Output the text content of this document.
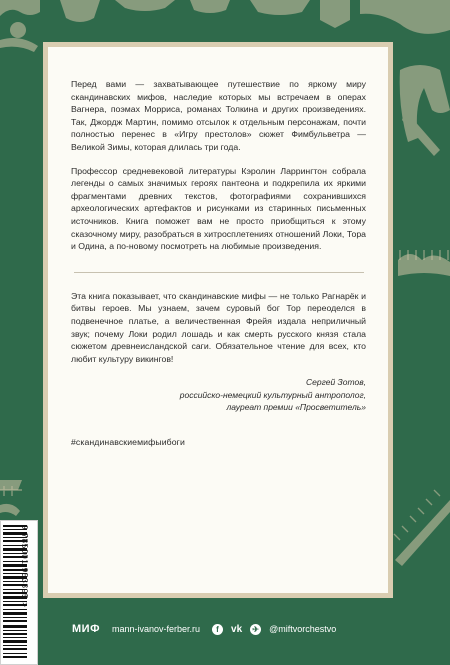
Перед вами — захватывающее путешествие по яркому миру скандинавских мифов, наследие которых мы встречаем в операх Вагнера, поэмах Морриса, романах Толкина и других произведениях. Так, Джордж Мартин, помимо отсылок к отдельным персонажам, почти полностью перенес в «Игру престолов» сюжет Фимбульветра — Великой Зимы, которая длилась три года.

Профессор средневековой литературы Кэролин Ларрингтон собрала легенды о самых значимых героях пантеона и подкрепила их яркими фрагментами древних текстов, фотографиями сохранившихся археологических артефактов и рисунками из старинных письменных источников. Книга поможет вам не просто приобщиться к этому сказочному миру, разобраться в хитросплетениях отношений Локи, Тора и Одина, а по-новому посмотреть на любимые произведения.

Эта книга показывает, что скандинавские мифы — не только Рагнарёк и битвы героев. Мы узнаем, зачем суровый бог Тор переоделся в подвенечное платье, а величественная Фрейя издала неприличный звук; почему Локи родил лошадь и как смерть русского князя стала сюжетом древнеисландской саги. Обязательное чтение для всех, кто любит культуру викингов!

Сергей Зотов,
российско-немецкий культурный антрополог,
лауреат премии «Просветитель»
#скандинавскиемифыибоги
9 785001 953395 >
МИФ mann-ivanov-ferber.ru	f	vk ✈ @miftvorchestvo
